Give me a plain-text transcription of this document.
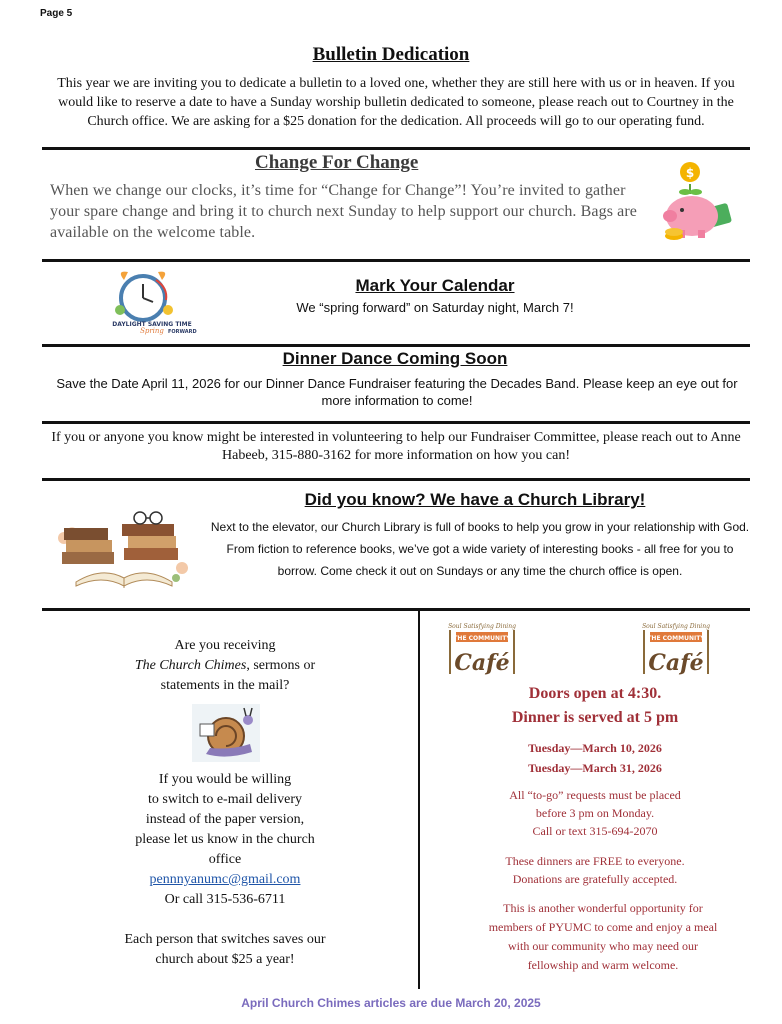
Page 5
Bulletin Dedication
This year we are inviting you to dedicate a bulletin to a loved one, whether they are still here with us or in heaven. If you would like to reserve a date to have a Sunday worship bulletin dedicated to someone, please reach out to Courtney in the Church office. We are asking for a $25 donation for the dedication. All proceeds will go to our operating fund.
Change For Change
When we change our clocks, it’s time for “Change for Change”! You’re invited to gather your spare change and bring it to church next Sunday to help support our church. Bags are available on the welcome table.
$
DAYLIGHT SAVING TIME
Spring FORWARD
Mark Your Calendar
We “spring forward” on Saturday night, March 7!
Dinner Dance Coming Soon
Save the Date April 11, 2026 for our Dinner Dance Fundraiser featuring the Decades Band. Please keep an eye out for more information to come!
If you or anyone you know might be interested in volunteering to help our Fundraiser Committee, please reach out to Anne Habeeb, 315-880-3162 for more information on how you can!
Did you know? We have a Church Library!
Next to the elevator, our Church Library is full of books to help you grow in your relationship with God. From fiction to reference books, we’ve got a wide variety of interesting books - all free for you to borrow. Come check it out on Sundays or any time the church office is open.
Are you receiving
The Church Chimes, sermons or
statements in the mail?
If you would be willing
to switch to e-mail delivery
instead of the paper version,
please let us know in the church
office
pennnyanumc@gmail.com
Or call 315-536-6711
Each person that switches saves our
church about $25 a year!
Soul Satisfying Dining
THE COMMUNITY
Café
Soul Satisfying Dining
THE COMMUNITY
Café
Doors open at 4:30.
Dinner is served at 5 pm
Tuesday—March 10, 2026
Tuesday—March 31, 2026
All “to-go” requests must be placed
before 3 pm on Monday.
Call or text 315-694-2070
These dinners are FREE to everyone.
Donations are gratefully accepted.
This is another wonderful opportunity for
members of PYUMC to come and enjoy a meal
with our community who may need our
fellowship and warm welcome.
April Church Chimes articles are due March 20, 2025
